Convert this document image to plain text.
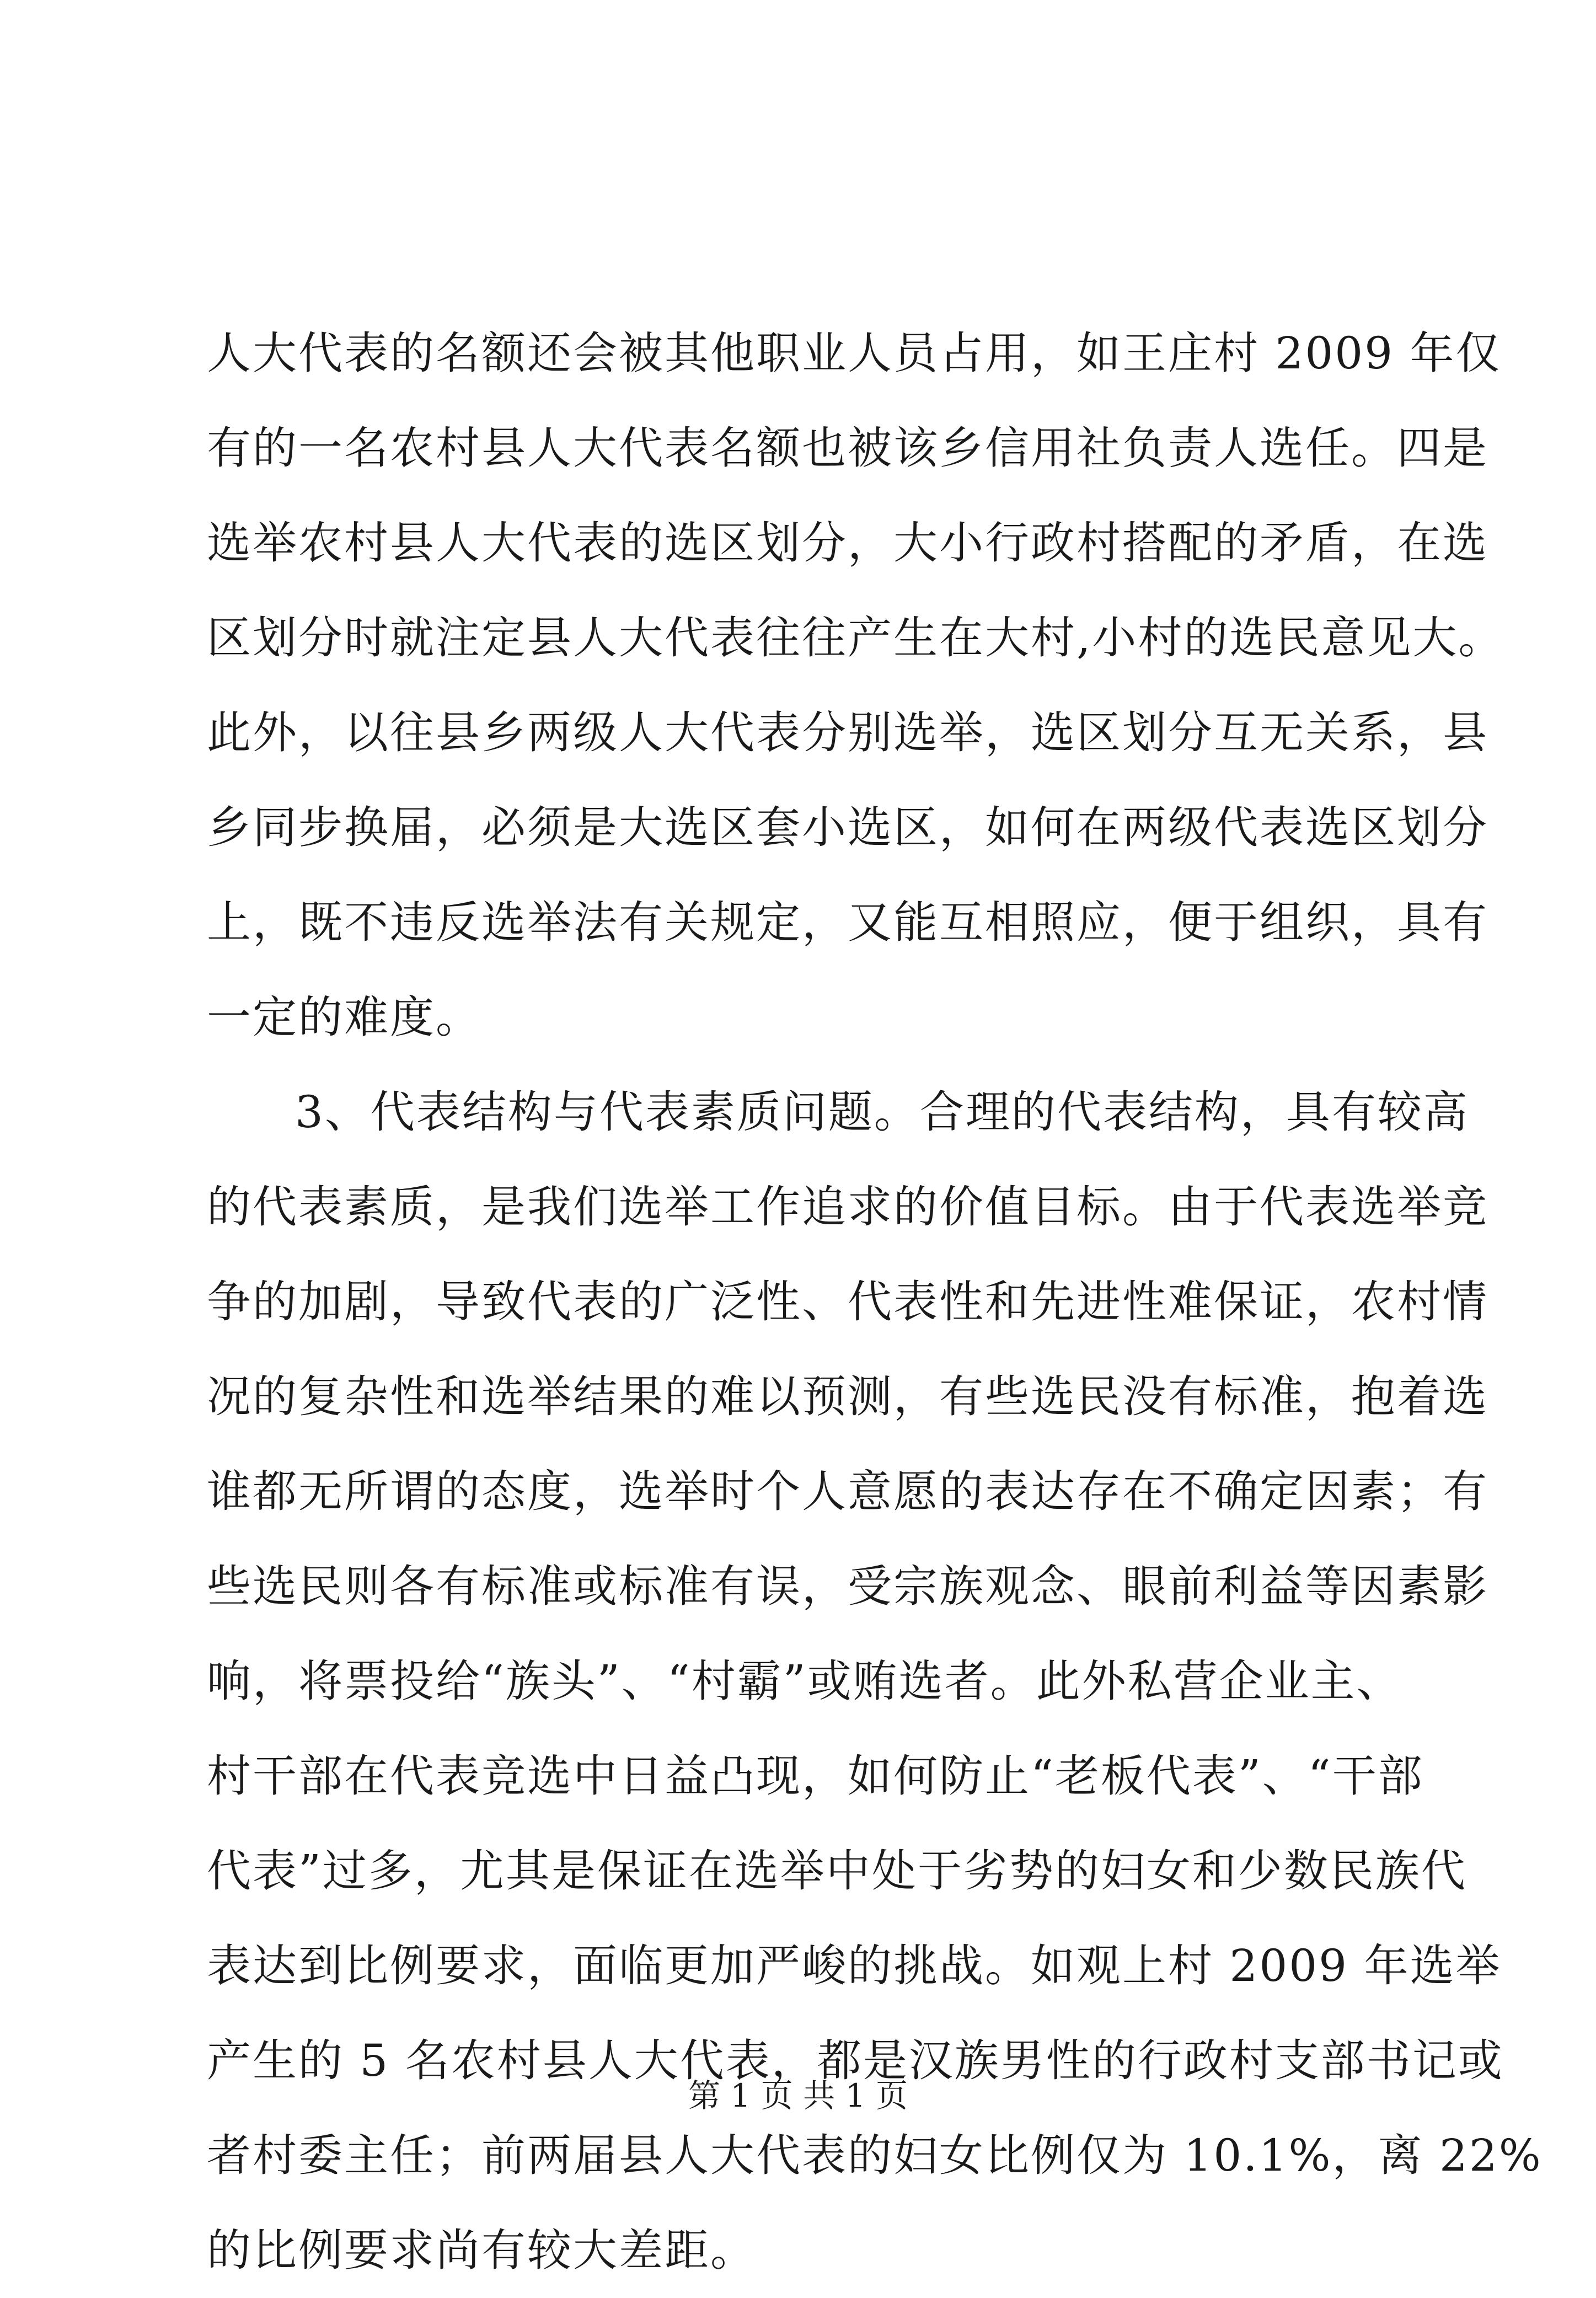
人大代表的名额还会被其他职业人员占用，如王庄村 2009 年仅
有的一名农村县人大代表名额也被该乡信用社负责人选任。四是
选举农村县人大代表的选区划分，大小行政村搭配的矛盾，在选
区划分时就注定县人大代表往往产生在大村,小村的选民意见大。
此外，以往县乡两级人大代表分别选举，选区划分互无关系，县
乡同步换届，必须是大选区套小选区，如何在两级代表选区划分
上，既不违反选举法有关规定，又能互相照应，便于组织，具有
一定的难度。
3、代表结构与代表素质问题。合理的代表结构，具有较高
的代表素质，是我们选举工作追求的价值目标。由于代表选举竞
争的加剧，导致代表的广泛性、代表性和先进性难保证，农村情
况的复杂性和选举结果的难以预测，有些选民没有标准，抱着选
谁都无所谓的态度，选举时个人意愿的表达存在不确定因素；有
些选民则各有标准或标准有误，受宗族观念、眼前利益等因素影
响，将票投给“族头”、“村霸”或贿选者。此外私营企业主、
村干部在代表竞选中日益凸现，如何防止“老板代表”、“干部
代表”过多，尤其是保证在选举中处于劣势的妇女和少数民族代
表达到比例要求，面临更加严峻的挑战。如观上村 2009 年选举
产生的 5 名农村县人大代表，都是汉族男性的行政村支部书记或
者村委主任；前两届县人大代表的妇女比例仅为 10.1%，离 22%
的比例要求尚有较大差距。
第 1 页 共 1 页
